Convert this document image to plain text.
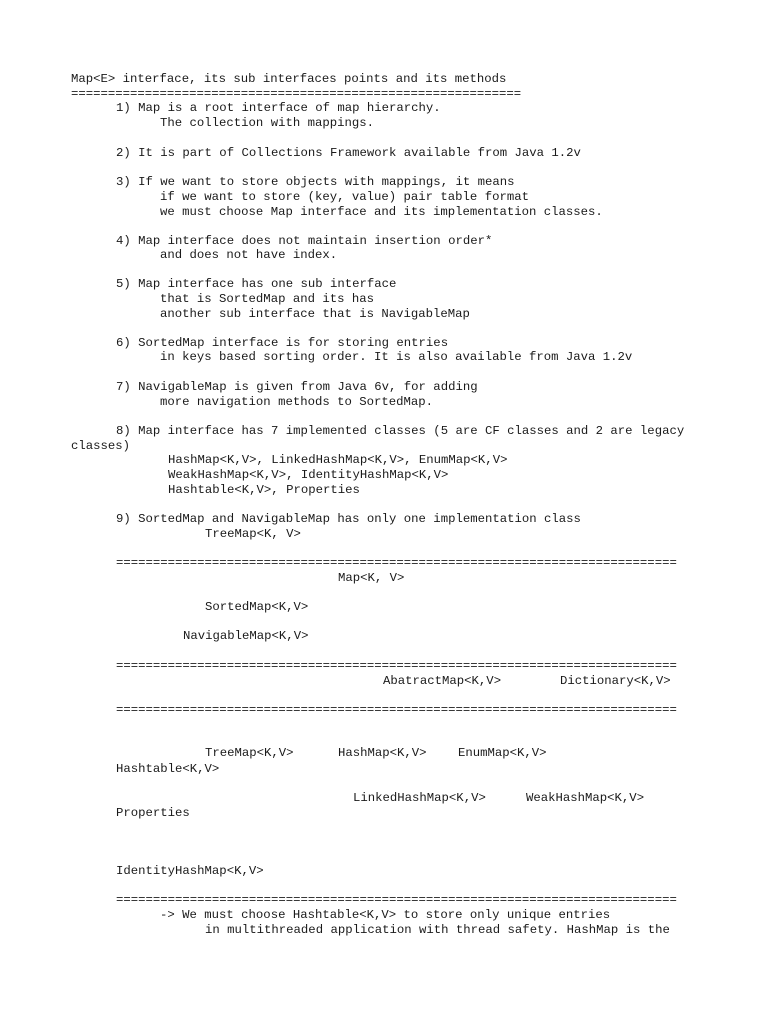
Map<E> interface, its sub interfaces points and its methods
=============================================================
1) Map is a root interface of map hierarchy.
The collection with mappings.
2) It is part of Collections Framework available from Java 1.2v
3) If we want to store objects with mappings, it means
if we want to store (key, value) pair table format
we must choose Map interface and its implementation classes.
4) Map interface does not maintain insertion order*
and does not have index.
5) Map interface has one sub interface
that is SortedMap and its has
another sub interface that is NavigableMap
6) SortedMap interface is for storing entries
in keys based sorting order. It is also available from Java 1.2v
7) NavigableMap is given from Java 6v, for adding
more navigation methods to SortedMap.
8) Map interface has 7 implemented classes (5 are CF classes and 2 are legacy
classes)
HashMap<K,V>, LinkedHashMap<K,V>, EnumMap<K,V>
WeakHashMap<K,V>, IdentityHashMap<K,V>
Hashtable<K,V>, Properties
9) SortedMap and NavigableMap has only one implementation class
TreeMap<K, V>
============================================================================
Map<K, V>
SortedMap<K,V>
NavigableMap<K,V>
============================================================================
AbatractMap<K,V>	Dictionary<K,V>
============================================================================
TreeMap<K,V>	HashMap<K,V>	EnumMap<K,V>
Hashtable<K,V>
LinkedHashMap<K,V>	WeakHashMap<K,V>
Properties
IdentityHashMap<K,V>
============================================================================
-> We must choose Hashtable<K,V> to store only unique entries
in multithreaded application with thread safety. HashMap is the
